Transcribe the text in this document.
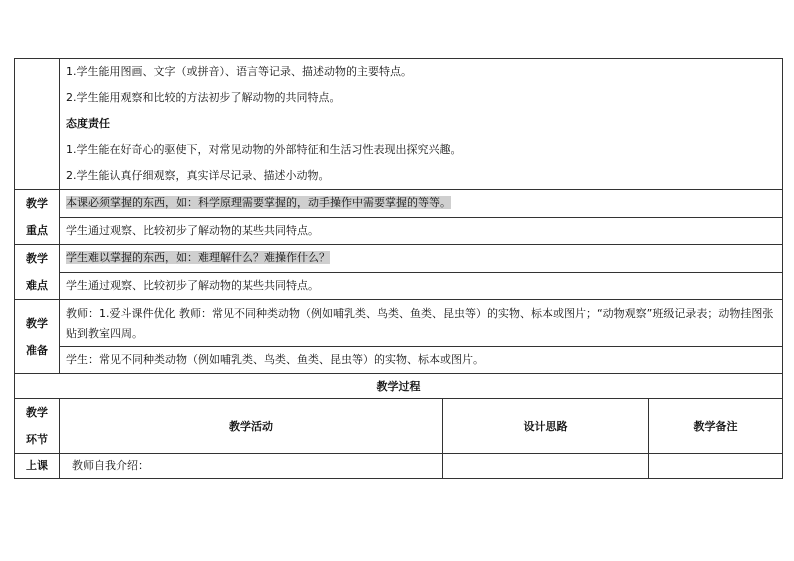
	1.学生能用图画、文字（或拼音）、语言等记录、描述动物的主要特点。
2.学生能用观察和比较的方法初步了解动物的共同特点。
态度责任
1.学生能在好奇心的驱使下，对常见动物的外部特征和生活习性表现出探究兴趣。
2.学生能认真仔细观察，真实详尽记录、描述小动物。		

教学
重点	本课必须掌握的东西，如：科学原理需要掌握的，动手操作中需要掌握的等等。		

	学生通过观察、比较初步了解动物的某些共同特点。		

教学
难点	学生难以掌握的东西，如：难理解什么？难操作什么？		

	学生通过观察、比较初步了解动物的某些共同特点。		

教学
准备	教师：1.爱斗课件优化 教师：常见不同种类动物（例如哺乳类、鸟类、鱼类、昆虫等）的实物、标本或图片；“动物观察”班级记录表；动物挂图张贴到教室四周。		

	学生：常见不同种类动物（例如哺乳类、鸟类、鱼类、昆虫等）的实物、标本或图片。		

教学过程			

教学
环节	教学活动	设计思路	教学备注
上课	教师自我介绍：		
